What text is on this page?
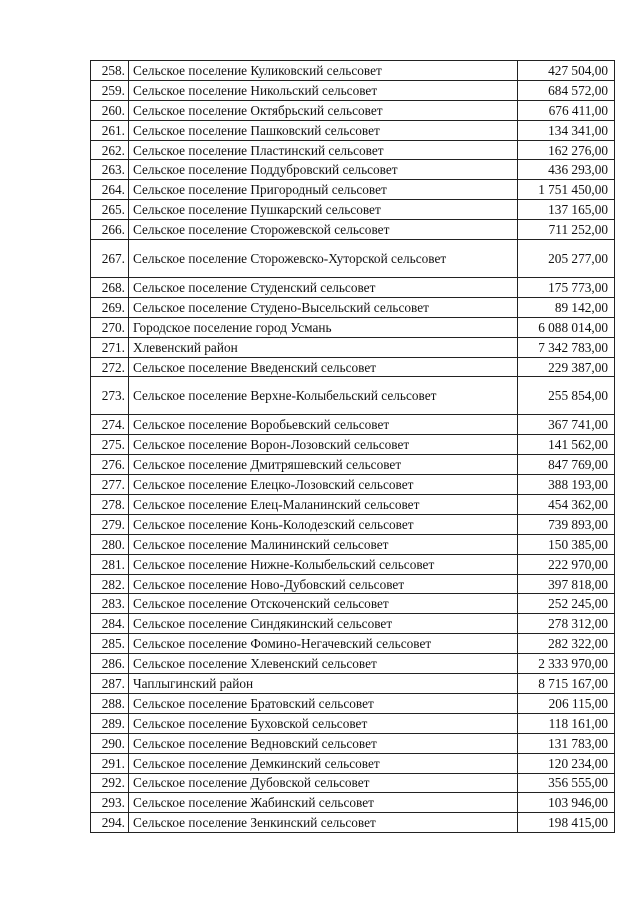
258.	Сельское поселение Куликовский сельсовет	427 504,00
259.	Сельское поселение Никольский сельсовет	684 572,00
260.	Сельское поселение Октябрьский сельсовет	676 411,00
261.	Сельское поселение Пашковский сельсовет	134 341,00
262.	Сельское поселение Пластинский сельсовет	162 276,00
263.	Сельское поселение Поддубровский сельсовет	436 293,00
264.	Сельское поселение Пригородный сельсовет	1 751 450,00
265.	Сельское поселение Пушкарский сельсовет	137 165,00
266.	Сельское поселение Сторожевской сельсовет	711 252,00
267.	Сельское поселение Сторожевско-Хуторской сельсовет	205 277,00
268.	Сельское поселение Студенский сельсовет	175 773,00
269.	Сельское поселение Студено-Высельский сельсовет	89 142,00
270.	Городское поселение город Усмань	6 088 014,00
271.	Хлевенский район	7 342 783,00
272.	Сельское поселение Введенский сельсовет	229 387,00
273.	Сельское поселение Верхне-Колыбельский сельсовет	255 854,00
274.	Сельское поселение Воробьевский сельсовет	367 741,00
275.	Сельское поселение Ворон-Лозовский сельсовет	141 562,00
276.	Сельское поселение Дмитряшевский сельсовет	847 769,00
277.	Сельское поселение Елецко-Лозовский сельсовет	388 193,00
278.	Сельское поселение Елец-Маланинский сельсовет	454 362,00
279.	Сельское поселение Конь-Колодезский сельсовет	739 893,00
280.	Сельское поселение Малининский сельсовет	150 385,00
281.	Сельское поселение Нижне-Колыбельский сельсовет	222 970,00
282.	Сельское поселение Ново-Дубовский сельсовет	397 818,00
283.	Сельское поселение Отскоченский сельсовет	252 245,00
284.	Сельское поселение Синдякинский сельсовет	278 312,00
285.	Сельское поселение Фомино-Негачевский сельсовет	282 322,00
286.	Сельское поселение Хлевенский сельсовет	2 333 970,00
287.	Чаплыгинский район	8 715 167,00
288.	Сельское поселение Братовский сельсовет	206 115,00
289.	Сельское поселение Буховской сельсовет	118 161,00
290.	Сельское поселение Ведновский сельсовет	131 783,00
291.	Сельское поселение Демкинский сельсовет	120 234,00
292.	Сельское поселение Дубовской сельсовет	356 555,00
293.	Сельское поселение Жабинский сельсовет	103 946,00
294.	Сельское поселение Зенкинский сельсовет	198 415,00
